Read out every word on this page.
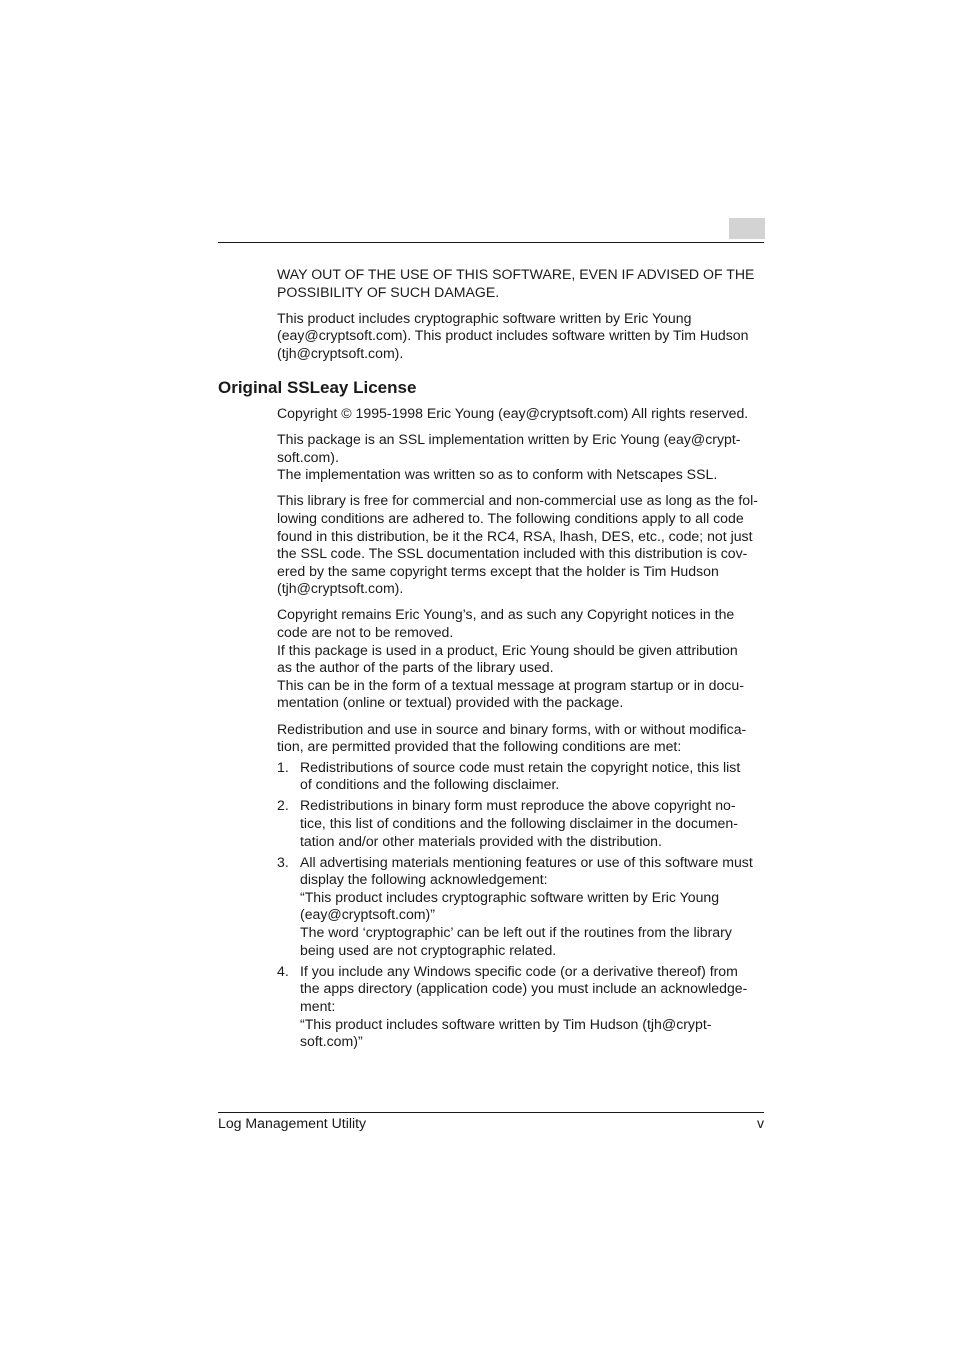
WAY OUT OF THE USE OF THIS SOFTWARE, EVEN IF ADVISED OF THE
POSSIBILITY OF SUCH DAMAGE.

This product includes cryptographic software written by Eric Young
(eay@cryptsoft.com). This product includes software written by Tim Hudson
(tjh@cryptsoft.com).

Original SSLeay License

Copyright © 1995-1998 Eric Young (eay@cryptsoft.com) All rights reserved.

This package is an SSL implementation written by Eric Young (eay@crypt-
soft.com).
The implementation was written so as to conform with Netscapes SSL.

This library is free for commercial and non-commercial use as long as the fol-
lowing conditions are adhered to. The following conditions apply to all code
found in this distribution, be it the RC4, RSA, lhash, DES, etc., code; not just
the SSL code. The SSL documentation included with this distribution is cov-
ered by the same copyright terms except that the holder is Tim Hudson
(tjh@cryptsoft.com).

Copyright remains Eric Young’s, and as such any Copyright notices in the
code are not to be removed.
If this package is used in a product, Eric Young should be given attribution
as the author of the parts of the library used.
This can be in the form of a textual message at program startup or in docu-
mentation (online or textual) provided with the package.

Redistribution and use in source and binary forms, with or without modifica-
tion, are permitted provided that the following conditions are met:

1. Redistributions of source code must retain the copyright notice, this list
of conditions and the following disclaimer.
2. Redistributions in binary form must reproduce the above copyright no-
tice, this list of conditions and the following disclaimer in the documen-
tation and/or other materials provided with the distribution.
3. All advertising materials mentioning features or use of this software must
display the following acknowledgement:
“This product includes cryptographic software written by Eric Young
(eay@cryptsoft.com)”
The word ‘cryptographic’ can be left out if the routines from the library
being used are not cryptographic related.
4. If you include any Windows specific code (or a derivative thereof) from
the apps directory (application code) you must include an acknowledge-
ment:
“This product includes software written by Tim Hudson (tjh@crypt-
soft.com)”
Log Management Utility	v
